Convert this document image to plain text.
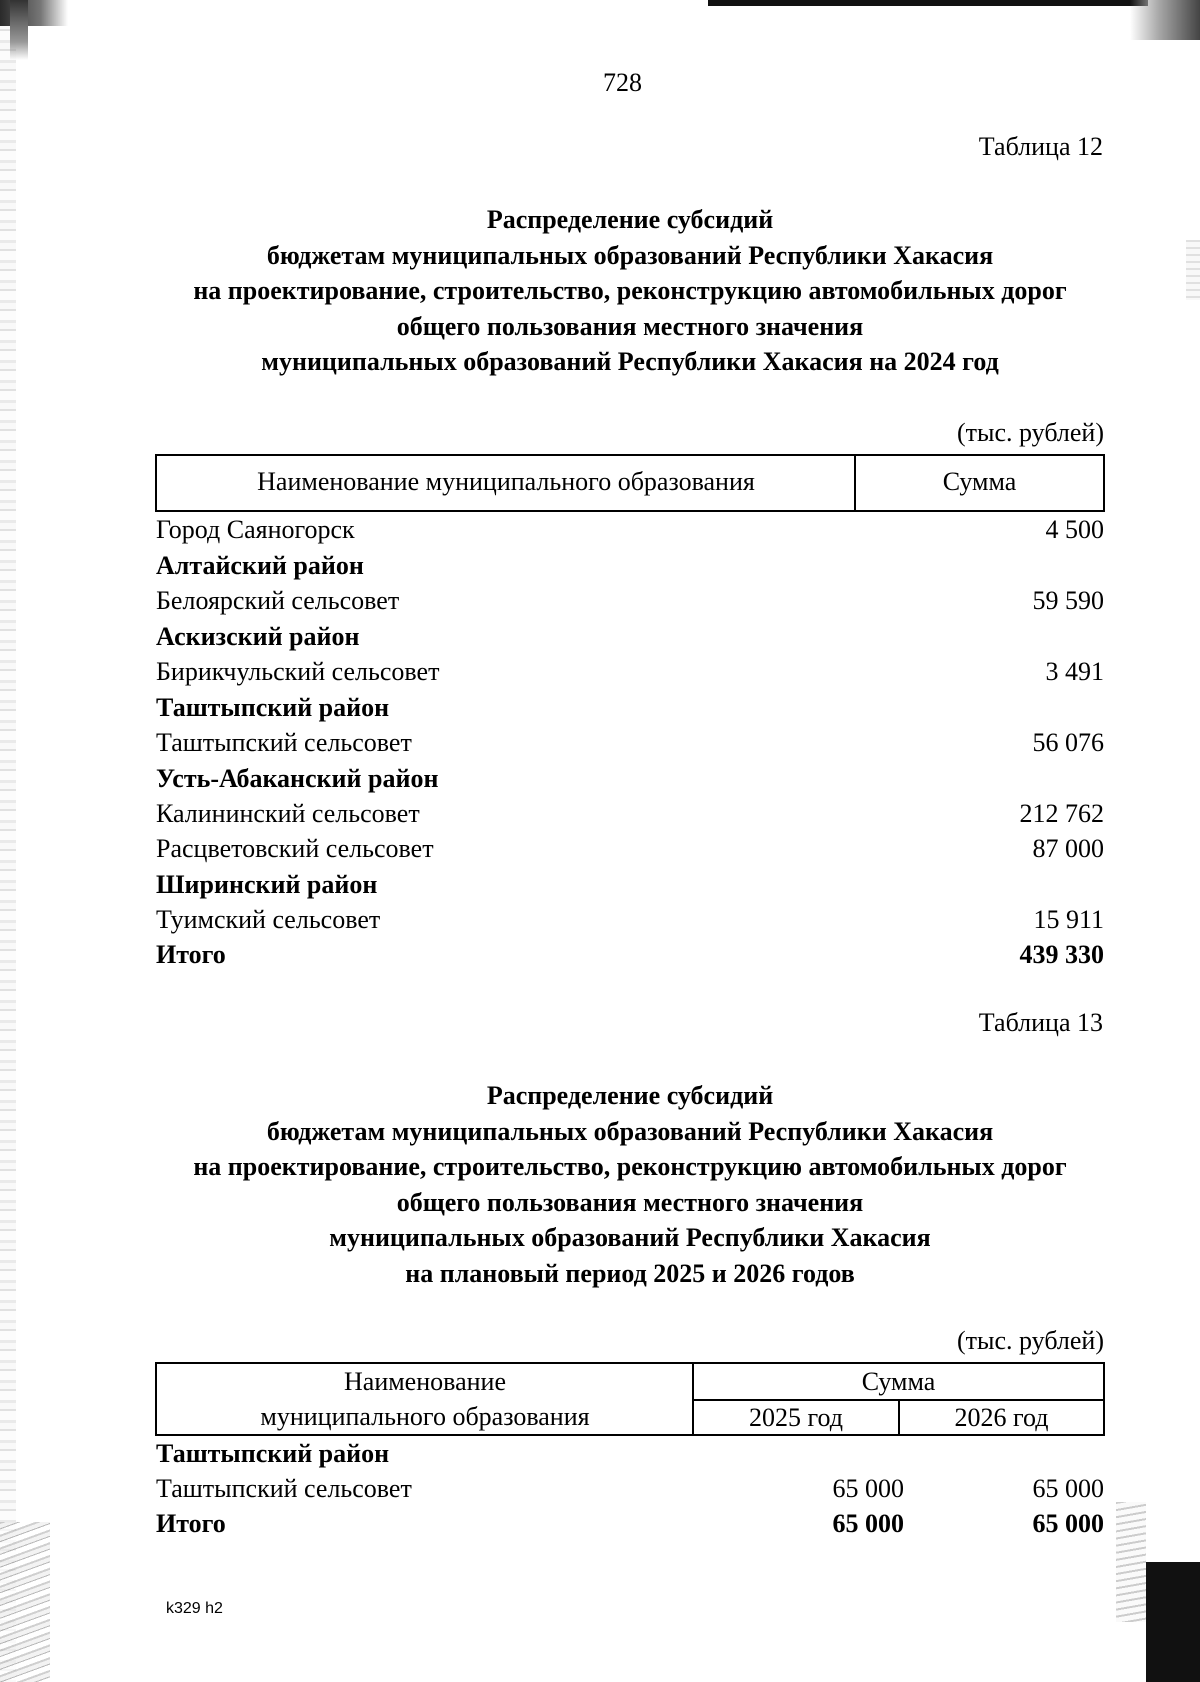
728
Таблица 12
Распределение субсидий
бюджетам муниципальных образований Республики Хакасия
на проектирование, строительство, реконструкцию автомобильных дорог
общего пользования местного значения
муниципальных образований Республики Хакасия на 2024 год
(тыс. рублей)
Наименование муниципального образования	Сумма
Город Саяногорск	4 500
Алтайский район
Белоярский сельсовет	59 590
Аскизский район
Бирикчульский сельсовет	3 491
Таштыпский район
Таштыпский сельсовет	56 076
Усть-Абаканский район
Калининский сельсовет	212 762
Расцветовский сельсовет	87 000
Ширинский район
Туимский сельсовет	15 911
Итого	439 330
Таблица 13
Распределение субсидий
бюджетам муниципальных образований Республики Хакасия
на проектирование, строительство, реконструкцию автомобильных дорог
общего пользования местного значения
муниципальных образований Республики Хакасия
на плановый период 2025 и 2026 годов
(тыс. рублей)
Наименование
муниципального образования
Сумма
2025 год	2026 год
Таштыпский район
Таштыпский сельсовет	65 000	65 000
Итого	65 000	65 000
k329 h2
